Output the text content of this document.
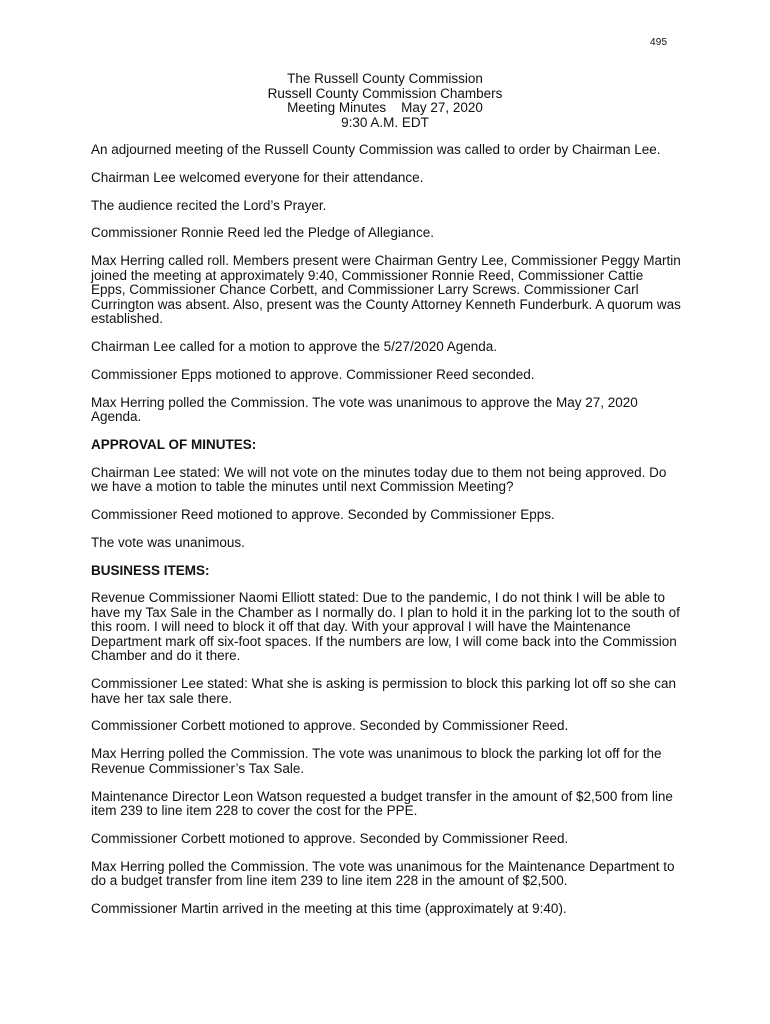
495
The Russell County Commission
Russell County Commission Chambers
Meeting Minutes    May 27, 2020
9:30 A.M. EDT

An adjourned meeting of the Russell County Commission was called to order by Chairman Lee.

Chairman Lee welcomed everyone for their attendance.

The audience recited the Lord’s Prayer.

Commissioner Ronnie Reed led the Pledge of Allegiance.

Max Herring called roll. Members present were Chairman Gentry Lee, Commissioner Peggy Martin joined the meeting at approximately 9:40, Commissioner Ronnie Reed, Commissioner Cattie Epps, Commissioner Chance Corbett, and Commissioner Larry Screws. Commissioner Carl Currington was absent. Also, present was the County Attorney Kenneth Funderburk. A quorum was established.

Chairman Lee called for a motion to approve the 5/27/2020 Agenda.

Commissioner Epps motioned to approve. Commissioner Reed seconded.

Max Herring polled the Commission. The vote was unanimous to approve the May 27, 2020 Agenda.

APPROVAL OF MINUTES:

Chairman Lee stated: We will not vote on the minutes today due to them not being approved. Do we have a motion to table the minutes until next Commission Meeting?

Commissioner Reed motioned to approve. Seconded by Commissioner Epps.

The vote was unanimous.

BUSINESS ITEMS:

Revenue Commissioner Naomi Elliott stated: Due to the pandemic, I do not think I will be able to have my Tax Sale in the Chamber as I normally do. I plan to hold it in the parking lot to the south of this room. I will need to block it off that day. With your approval I will have the Maintenance Department mark off six-foot spaces. If the numbers are low, I will come back into the Commission Chamber and do it there.

Commissioner Lee stated: What she is asking is permission to block this parking lot off so she can have her tax sale there.

Commissioner Corbett motioned to approve. Seconded by Commissioner Reed.

Max Herring polled the Commission. The vote was unanimous to block the parking lot off for the Revenue Commissioner’s Tax Sale.

Maintenance Director Leon Watson requested a budget transfer in the amount of $2,500 from line item 239 to line item 228 to cover the cost for the PPE.

Commissioner Corbett motioned to approve. Seconded by Commissioner Reed.

Max Herring polled the Commission. The vote was unanimous for the Maintenance Department to do a budget transfer from line item 239 to line item 228 in the amount of $2,500.

Commissioner Martin arrived in the meeting at this time (approximately at 9:40).
